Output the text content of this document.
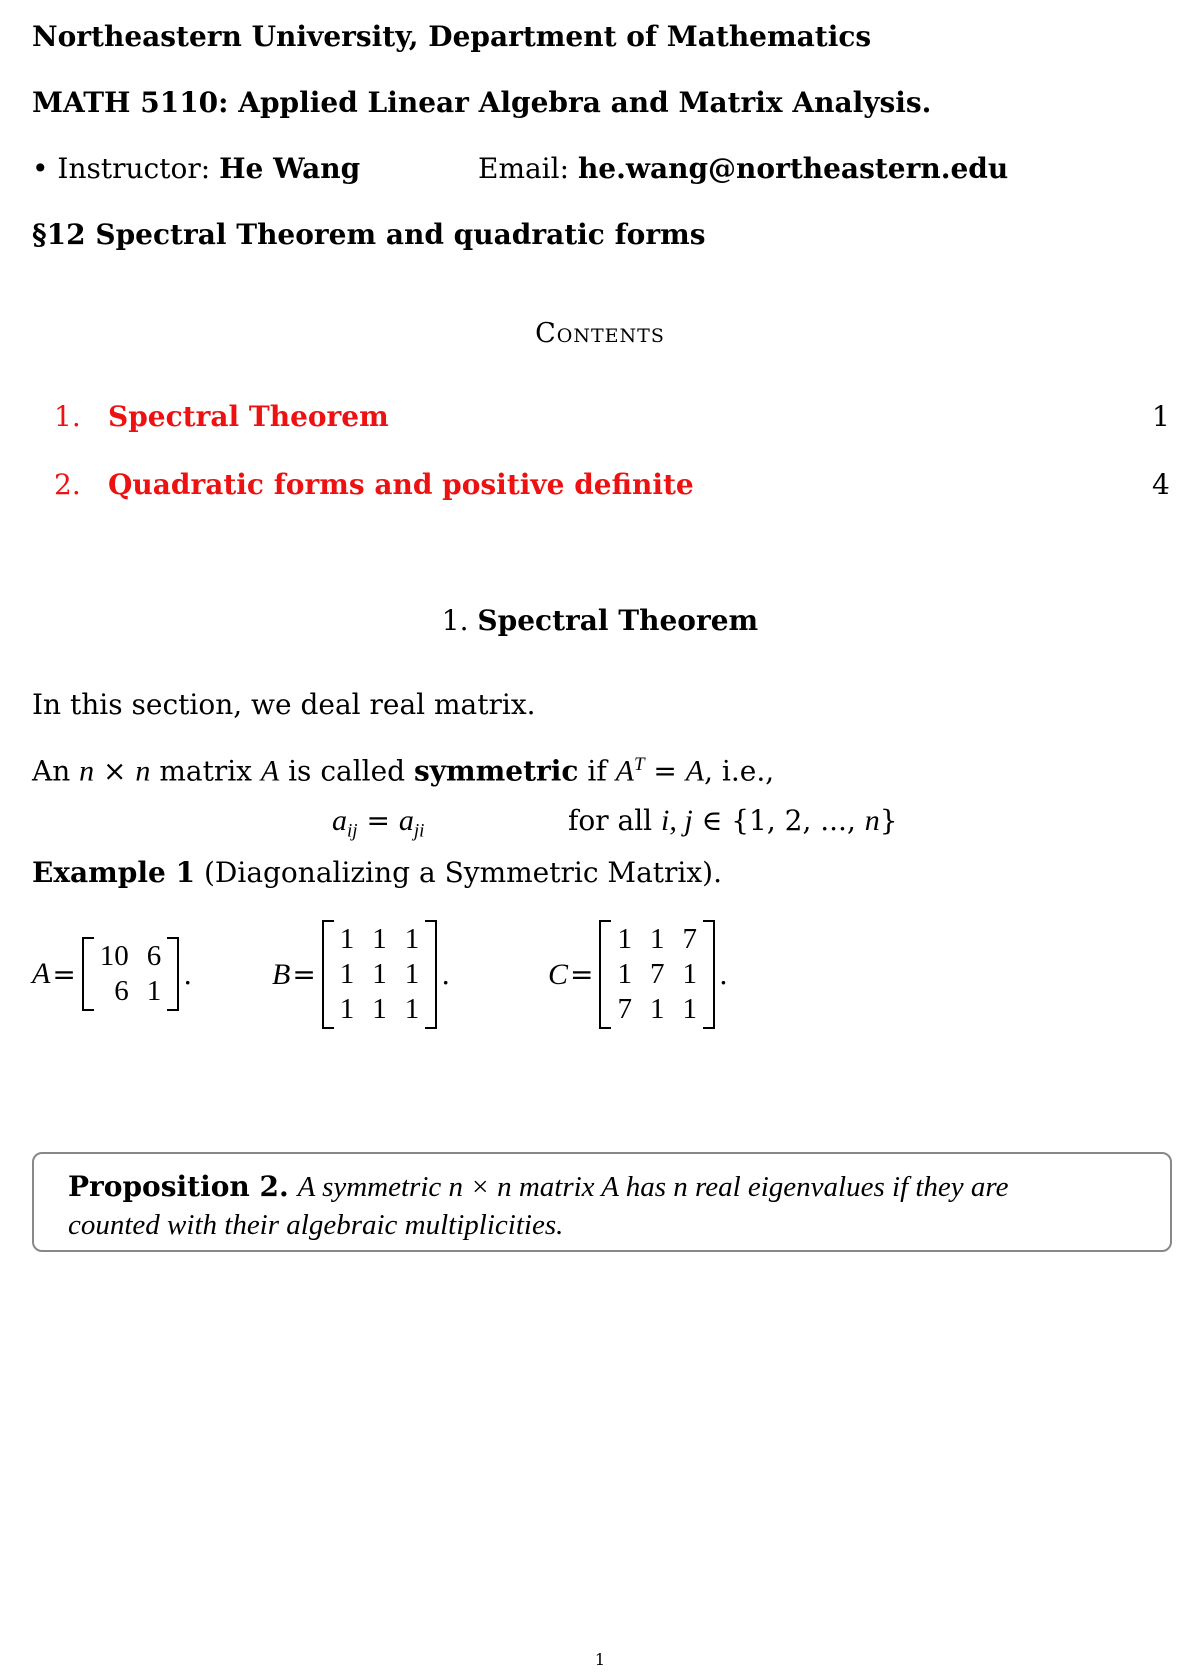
Northeastern University, Department of Mathematics
MATH 5110: Applied Linear Algebra and Matrix Analysis.
• Instructor: He Wang	Email: he.wang@northeastern.edu
§12 Spectral Theorem and quadratic forms
Contents
1. Spectral Theorem	1
2. Quadratic forms and positive definite	4
1. Spectral Theorem
In this section, we deal real matrix.
An n × n matrix A is called symmetric if $A^T = A$, i.e.,
$a_{ij} = a_{ji}$	for all i, j ∈ {1, 2, ..., n}
Example 1 (Diagonalizing a Symmetric Matrix).
A =
10 6
6 1
.	B =
1 1 1
1 1 1
1 1 1
.	C =
1 1 7
1 7 1
7 1 1
.
Proposition 2. A symmetric n × n matrix A has n real eigenvalues if they are
counted with their algebraic multiplicities.
1
